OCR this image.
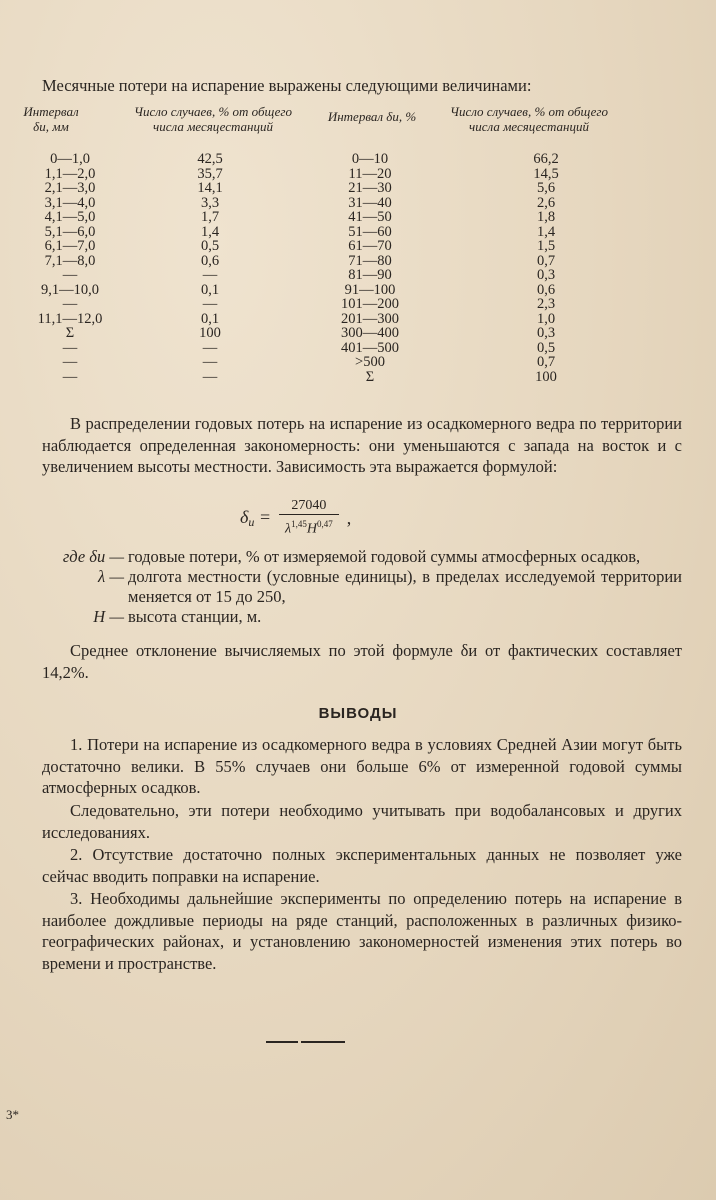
Месячные потери на испарение выражены следующими величинами:
Интервал δи, мм
0—1,0
1,1—2,0
2,1—3,0
3,1—4,0
4,1—5,0
5,1—6,0
6,1—7,0
7,1—8,0
—
9,1—10,0
—
11,1—12,0
Σ
—
—
—
Число случаев, % от общего числа месяцестанций
42,5
35,7
14,1
3,3
1,7
1,4
0,5
0,6
—
0,1
—
0,1
100
—
—
—
Интервал δи, %
0—10
11—20
21—30
31—40
41—50
51—60
61—70
71—80
81—90
91—100
101—200
201—300
300—400
401—500
>500
Σ
Число случаев, % от общего числа месяцестанций
66,2
14,5
5,6
2,6
1,8
1,4
1,5
0,7
0,3
0,6
2,3
1,0
0,3
0,5
0,7
100
В распределении годовых потерь на испарение из осадкомерного ведра по территории наблюдается определенная закономерность: они уменьшаются с запада на восток и с увеличением высоты местности. Зависимость эта выражается формулой:
$\delta_и = \frac{27040}{\lambda^{1,45}H^{0,47}}$ ,
где δи — годовые потери, % от измеряемой годовой суммы атмосферных осадков,
λ — долгота местности (условные единицы), в пределах исследуемой территории меняется от 15 до 250,
H — высота станции, м.
Среднее отклонение вычисляемых по этой формуле δи от фактических составляет 14,2%.
ВЫВОДЫ
1. Потери на испарение из осадкомерного ведра в условиях Средней Азии могут быть достаточно велики. В 55% случаев они больше 6% от измеренной годовой суммы атмосферных осадков.
Следовательно, эти потери необходимо учитывать при водобалансовых и других исследованиях.
2. Отсутствие достаточно полных экспериментальных данных не позволяет уже сейчас вводить поправки на испарение.
3. Необходимы дальнейшие эксперименты по определению потерь на испарение в наиболее дождливые периоды на ряде станций, расположенных в различных физико-географических районах, и установлению закономерностей изменения этих потерь во времени и пространстве.
3*
